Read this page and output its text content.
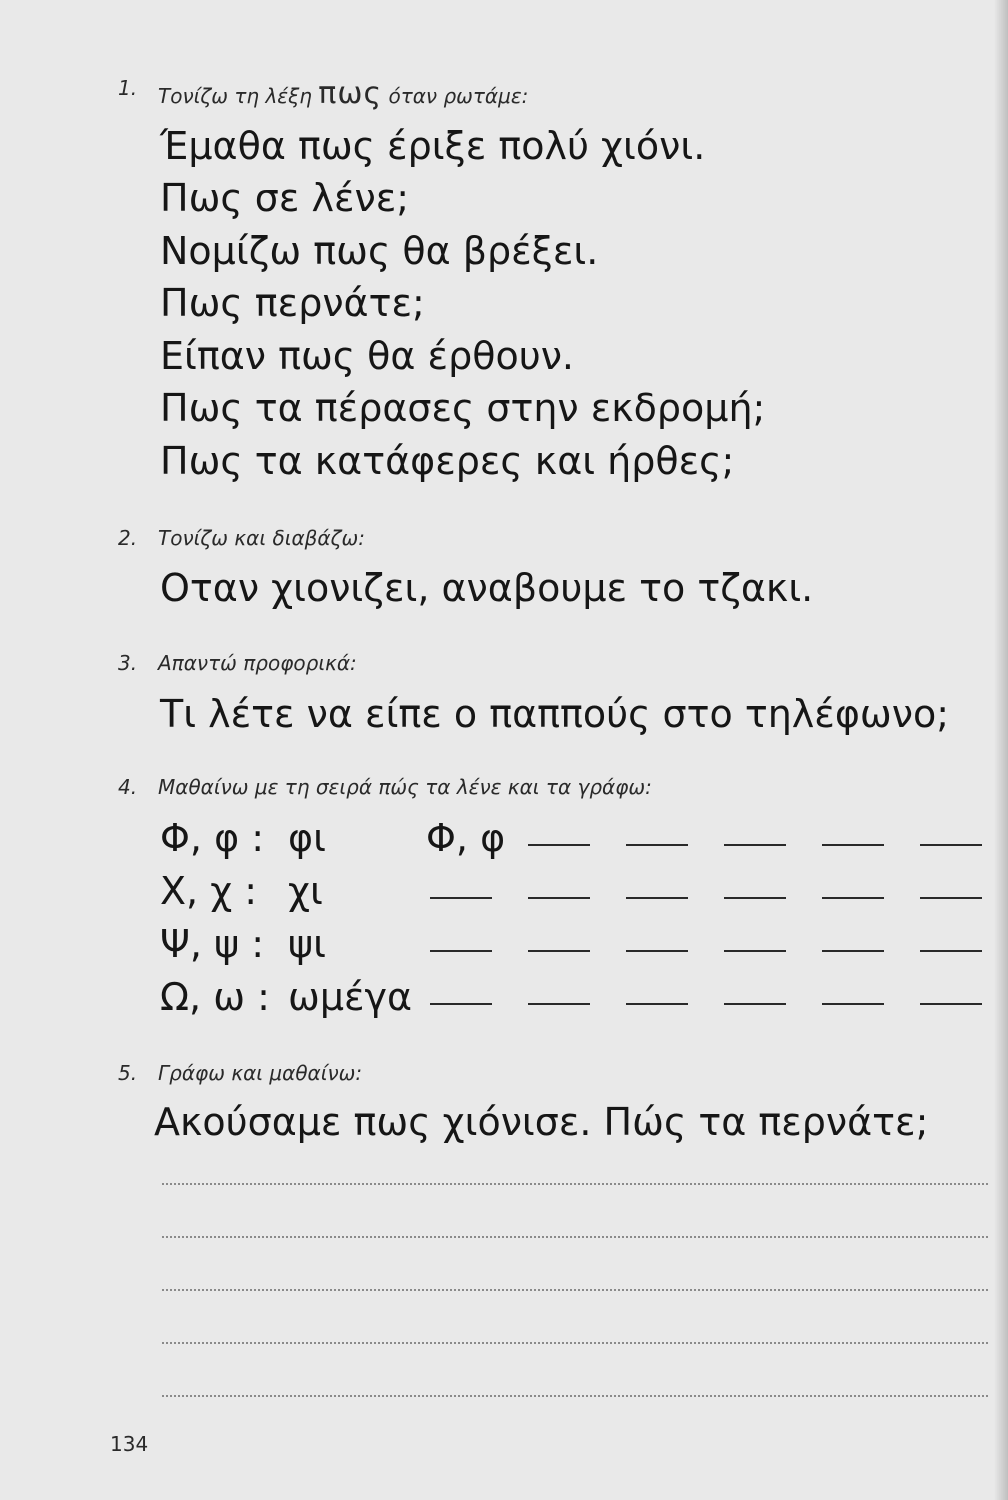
1. Τονίζω τη λέξη πως όταν ρωτάμε:
Έμαθα πως έριξε πολύ χιόνι.
Πως σε λένε;
Νομίζω πως θα βρέξει.
Πως περνάτε;
Είπαν πως θα έρθουν.
Πως τα πέρασες στην εκδρομή;
Πως τα κατάφερες και ήρθες;
2. Τονίζω και διαβάζω:
Οταν χιονιζει, αναβουμε το τζακι.
3. Απαντώ προφορικά:
Τι λέτε να είπε ο παππούς στο τηλέφωνο;
4. Μαθαίνω με τη σειρά πώς τα λένε και τα γράφω:
Φ, φ : φι	Φ, φ
Χ, χ : χι
Ψ, ψ : ψι
Ω, ω : ωμέγα
5. Γράφω και μαθαίνω:
Ακούσαμε πως χιόνισε. Πώς τα περνάτε;
134
